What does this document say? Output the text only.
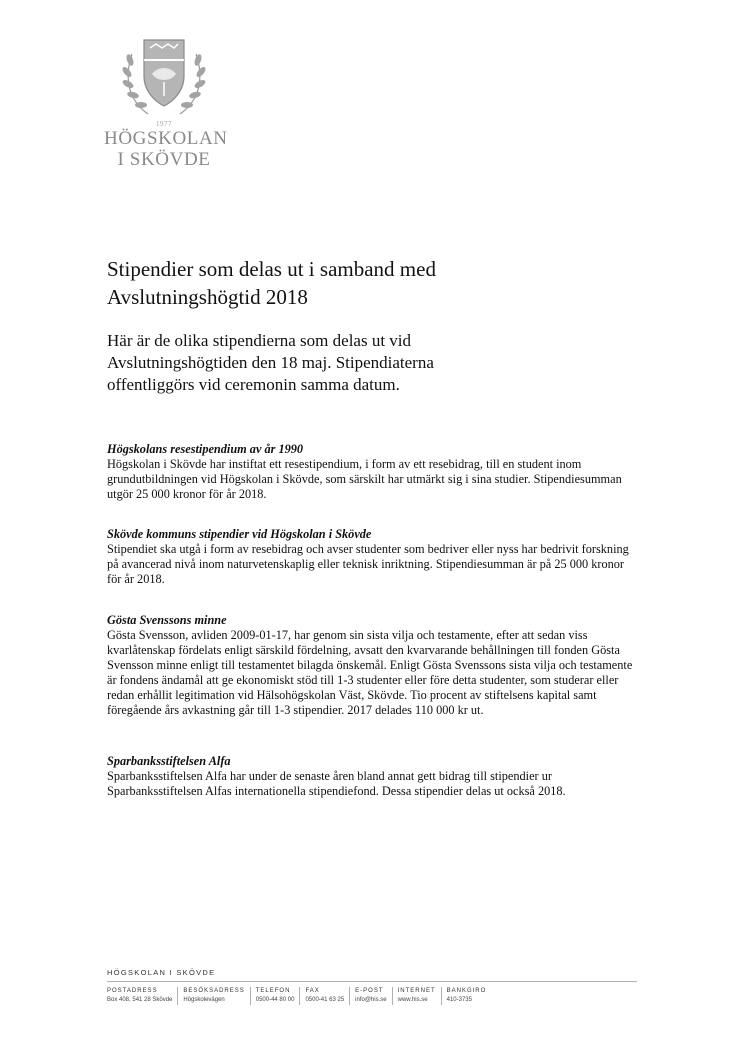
1977
HÖGSKOLAN
I SKÖVDE
Stipendier som delas ut i samband med Avslutningshögtid 2018

Här är de olika stipendierna som delas ut vid Avslutningshögtiden den 18 maj. Stipendiaterna offentliggörs vid ceremonin samma datum.

Högskolans resestipendium av år 1990

Högskolan i Skövde har instiftat ett resestipendium, i form av ett resebidrag, till en student inom grundutbildningen vid Högskolan i Skövde, som särskilt har utmärkt sig i sina studier. Stipendiesumman utgör 25 000 kronor för år 2018.

Skövde kommuns stipendier vid Högskolan i Skövde

Stipendiet ska utgå i form av resebidrag och avser studenter som bedriver eller nyss har bedrivit forskning på avancerad nivå inom naturvetenskaplig eller teknisk inriktning. Stipendiesumman är på 25 000 kronor för år 2018.

Gösta Svenssons minne

Gösta Svensson, avliden 2009-01-17, har genom sin sista vilja och testamente, efter att sedan viss kvarlåtenskap fördelats enligt särskild fördelning, avsatt den kvarvarande behållningen till fonden Gösta Svensson minne enligt till testamentet bilagda önskemål. Enligt Gösta Svenssons sista vilja och testamente är fondens ändamål att ge ekonomiskt stöd till 1-3 studenter eller före detta studenter, som studerar eller redan erhållit legitimation vid Hälsohögskolan Väst, Skövde. Tio procent av stiftelsens kapital samt föregående års avkastning går till 1-3 stipendier. 2017 delades 110 000 kr ut.

Sparbanksstiftelsen Alfa

Sparbanksstiftelsen Alfa har under de senaste åren bland annat gett bidrag till stipendier ur Sparbanksstiftelsen Alfas internationella stipendiefond. Dessa stipendier delas ut också 2018.

HÖGSKOLAN I SKÖVDE
POSTADRESS
Box 408, 541 28 Skövde
BESÖKSADRESS
Högskolevägen
TELEFON
0500-44 80 00
FAX
0500-41 63 25
E-POST
info@his.se
INTERNET
www.his.se
BANKGIRO
410-3735
